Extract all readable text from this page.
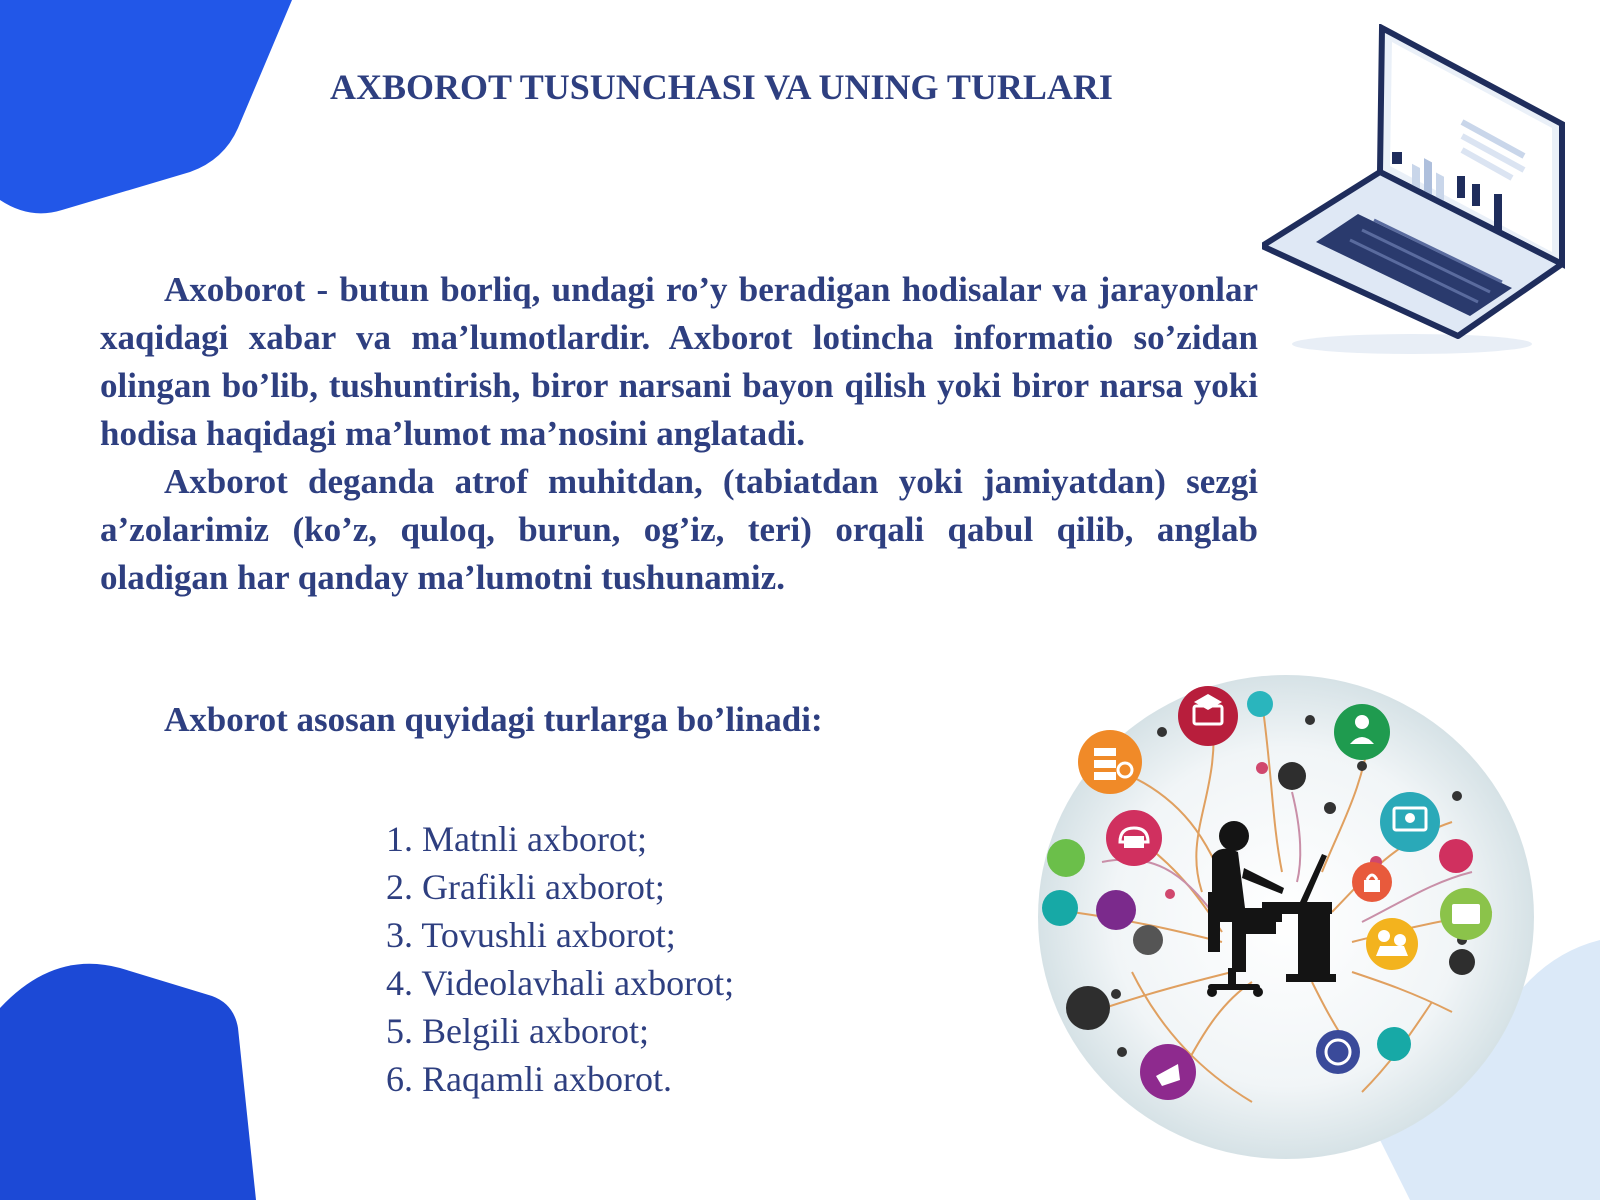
AXBOROT TUSUNCHASI VA UNING TURLARI

Axoborot - butun borliq, undagi ro’y beradigan hodisalar va jarayonlar xaqidagi xabar va ma’lumotlardir. Axborot lotincha informatio so’zidan olingan bo’lib, tushuntirish, biror narsani bayon qilish yoki biror narsa yoki hodisa haqidagi ma’lumot ma’nosini anglatadi.

Axborot deganda atrof muhitdan, (tabiatdan yoki jamiyatdan) sezgi a’zolarimiz (ko’z, quloq, burun, og’iz, teri) orqali qabul qilib, anglab oladigan har qanday ma’lumotni tushunamiz.

Axborot asosan quyidagi turlarga bo’linadi:
1. Matnli axborot;
2. Grafikli axborot;
3. Tovushli axborot;
4. Videolavhali axborot;
5. Belgili axborot;
6. Raqamli axborot.
